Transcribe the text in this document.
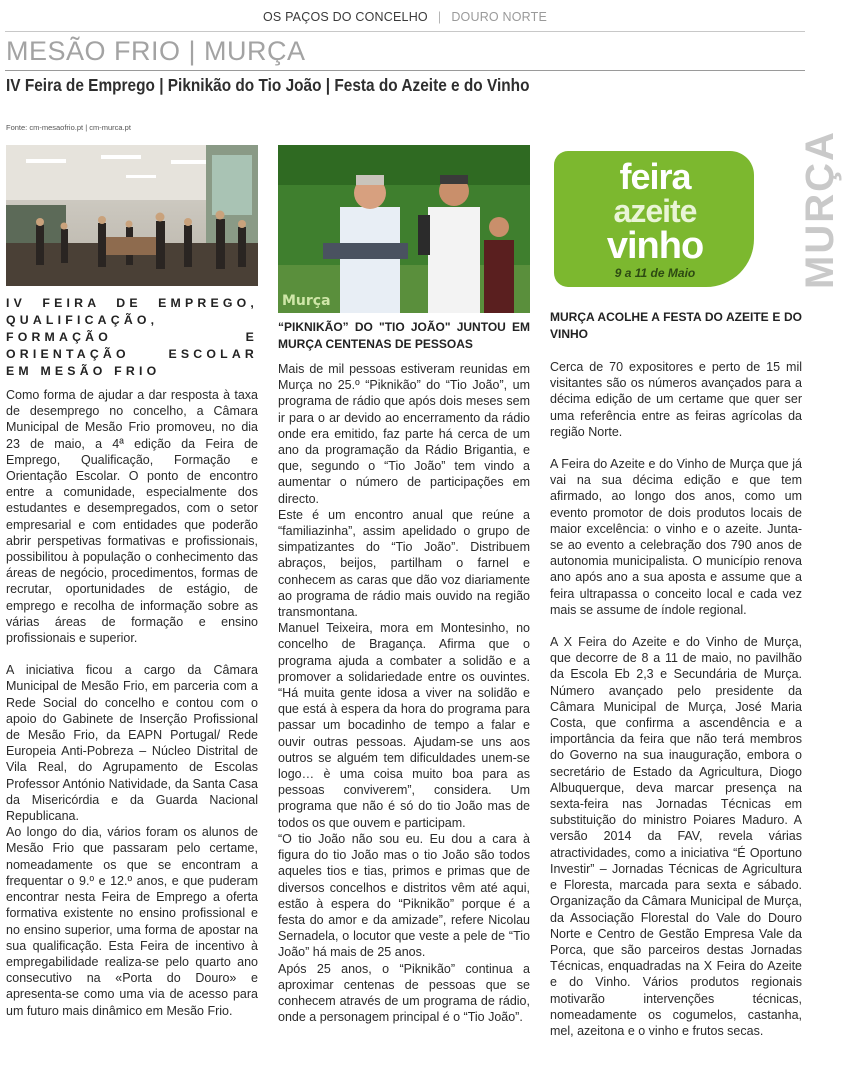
OS PAÇOS DO CONCELHO | DOURO NORTE
MESÃO FRIO | MURÇA
IV Feira de Emprego | Piknikão do Tio João | Festa do Azeite e do Vinho
Fonte: cm-mesaofrio.pt | cm-murca.pt
IV FEIRA DE EMPREGO, QUALIFICAÇÃO, FORMAÇÃO E ORIENTAÇÃO ESCOLAR EM MESÃO FRIO

Como forma de ajudar a dar resposta à taxa de desemprego no concelho, a Câmara Municipal de Mesão Frio promoveu, no dia 23 de maio, a 4ª edição da Feira de Emprego, Qualificação, Formação e Orientação Escolar. O ponto de encontro entre a comunidade, especialmente dos estudantes e desempregados, com o setor empresarial e com entidades que poderão abrir perspetivas formativas e profissionais, possibilitou à população o conhecimento das áreas de negócio, procedimentos, formas de recrutar, oportunidades de estágio, de emprego e recolha de informação sobre as várias áreas de formação e ensino profissionais e superior.

A iniciativa ficou a cargo da Câmara Municipal de Mesão Frio, em parceria com a Rede Social do concelho e contou com o apoio do Gabinete de Inserção Profissional de Mesão Frio, da EAPN Portugal/ Rede Europeia Anti-Pobreza – Núcleo Distrital de Vila Real, do Agrupamento de Escolas Professor António Natividade, da Santa Casa da Misericórdia e da Guarda Nacional Republicana.

Ao longo do dia, vários foram os alunos de Mesão Frio que passaram pelo certame, nomeadamente os que se encontram a frequentar o 9.º e 12.º anos, e que puderam encontrar nesta Feira de Emprego a oferta formativa existente no ensino profissional e no ensino superior, uma forma de apostar na sua qualificação. Esta Feira de incentivo à empregabilidade realiza-se pelo quarto ano consecutivo na «Porta do Douro» e apresenta-se como uma via de acesso para um futuro mais dinâmico em Mesão Frio.

Murça
“PIKNIKÃO” DO "TIO JOÃO" JUNTOU EM MURÇA CENTENAS DE PESSOAS

Mais de mil pessoas estiveram reunidas em Murça no 25.º “Piknikão” do “Tio João”, um programa de rádio que após dois meses sem ir para o ar devido ao encerramento da rádio onde era emitido, faz parte há cerca de um ano da programação da Rádio Brigantia, e que, segundo o “Tio João” tem vindo a aumentar o número de participações em directo.

Este é um encontro anual que reúne a “familiazinha”, assim apelidado o grupo de simpatizantes do “Tio João”. Distribuem abraços, beijos, partilham o farnel e conhecem as caras que dão voz diariamente ao programa de rádio mais ouvido na região transmontana.

Manuel Teixeira, mora em Montesinho, no concelho de Bragança. Afirma que o programa ajuda a combater a solidão e a promover a solidariedade entre os ouvintes. “Há muita gente idosa a viver na solidão e que está à espera da hora do programa para passar um bocadinho de tempo a falar e ouvir outras pessoas. Ajudam-se uns aos outros se alguém tem dificuldades unem-se logo… è uma coisa muito boa para as pessoas conviverem”, considera. Um programa que não é só do tio João mas de todos os que ouvem e participam.

“O tio João não sou eu. Eu dou a cara à figura do tio João mas o tio João são todos aqueles tios e tias, primos e primas que de diversos concelhos e distritos vêm até aqui, estão à espera do “Piknikão” porque é a festa do amor e da amizade”, refere Nicolau Sernadela, o locutor que veste a pele de “Tio João” há mais de 25 anos.

Após 25 anos, o “Piknikão” continua a aproximar centenas de pessoas que se conhecem através de um programa de rádio, onde a personagem principal é o “Tio João”.

feira
azeite
vinho
9 a 11 de Maio	MURÇA
MURÇA ACOLHE A FESTA DO AZEITE E DO VINHO

Cerca de 70 expositores e perto de 15 mil visitantes são os números avançados para a décima edição de um certame que quer ser uma referência entre as feiras agrícolas da região Norte.

A Feira do Azeite e do Vinho de Murça que já vai na sua décima edição e que tem afirmado, ao longo dos anos, como um evento promotor de dois produtos locais de maior excelência: o vinho e o azeite. Junta-se ao evento a celebração dos 790 anos de autonomia municipalista. O município renova ano após ano a sua aposta e assume que a feira ultrapassa o conceito local e cada vez mais se assume de índole regional.

A X Feira do Azeite e do Vinho de Murça, que decorre de 8 a 11 de maio, no pavilhão da Escola Eb 2,3 e Secundária de Murça. Número avançado pelo presidente da Câmara Municipal de Murça, José Maria Costa, que confirma a ascendência e a importância da feira que não terá membros do Governo na sua inauguração, embora o secretário de Estado da Agricultura, Diogo Albuquerque, deva marcar presença na sexta-feira nas Jornadas Técnicas em substituição do ministro Poiares Maduro. A versão 2014 da FAV, revela várias atractividades, como a iniciativa “É Oportuno Investir” – Jornadas Técnicas de Agricultura e Floresta, marcada para sexta e sábado. Organização da Câmara Municipal de Murça, da Associação Florestal do Vale do Douro Norte e Centro de Gestão Empresa Vale da Porca, que são parceiros destas Jornadas Técnicas, enquadradas na X Feira do Azeite e do Vinho. Vários produtos regionais motivarão intervenções técnicas, nomeadamente os cogumelos, castanha, mel, azeitona e o vinho e frutos secas.
